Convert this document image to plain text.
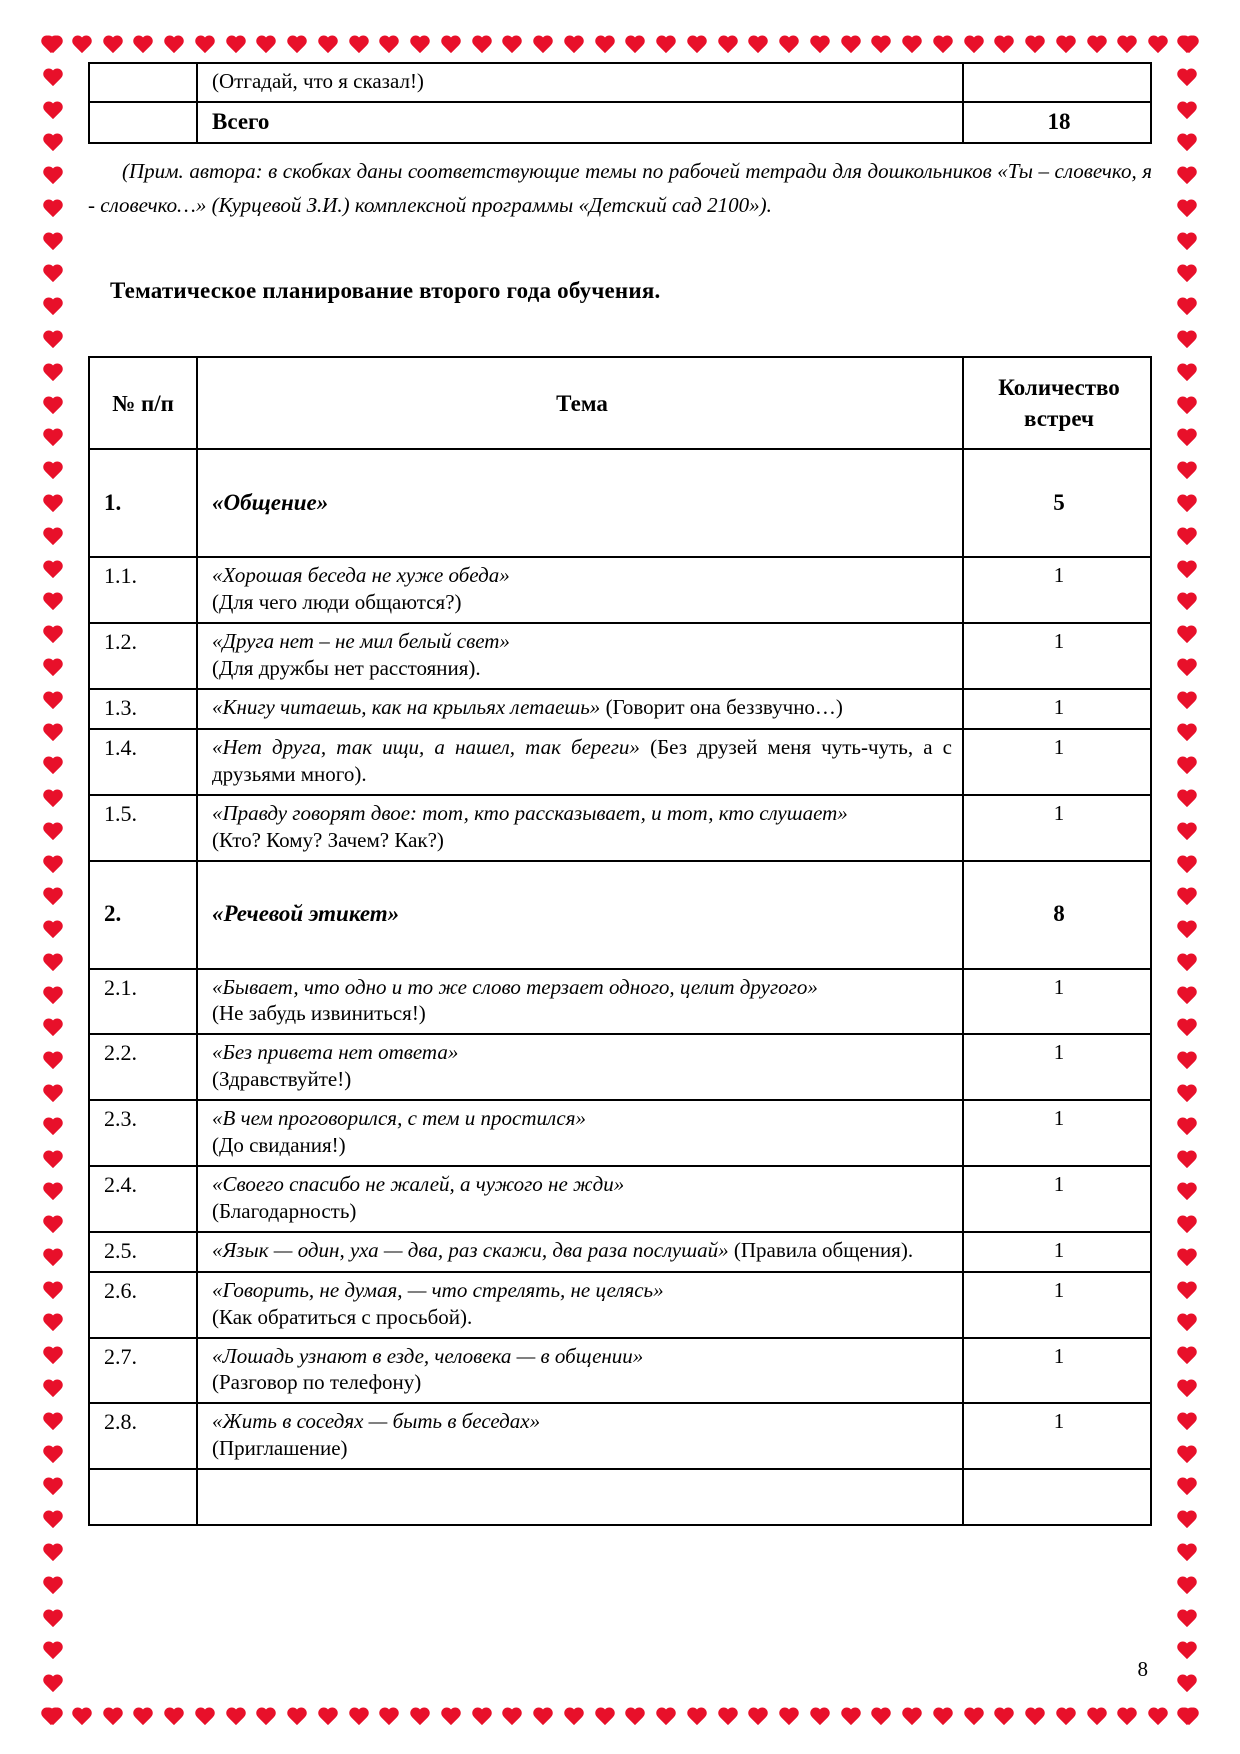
	(Отгадай, что я сказал!)	
	Всего	18

(Прим. автора: в скобках даны соответствующие темы по рабочей тетради для дошкольников «Ты – словечко, я - словечко…» (Курцевой З.И.) комплексной программы «Детский сад 2100»).

Тематическое планирование второго года обучения.
№ п/п	Тема	Количество
встреч
1.	«Общение»	5
1.1.	«Хорошая беседа не хуже обеда»
(Для чего люди общаются?)	1
1.2.	«Друга нет – не мил белый свет»
(Для дружбы нет расстояния).	1
1.3.	«Книгу читаешь, как на крыльях летаешь» (Говорит она беззвучно…)	1
1.4.	«Нет друга, так ищи, а нашел, так береги» (Без друзей меня чуть-чуть, а с друзьями много).	1
1.5.	«Правду говорят двое: тот, кто рассказывает, и тот, кто слушает»
(Кто? Кому? Зачем? Как?)	1
2.	«Речевой этикет»	8
2.1.	«Бывает, что одно и то же слово терзает одного, целит другого»
(Не забудь извиниться!)	1
2.2.	«Без привета нет ответа»
(Здравствуйте!)	1
2.3.	«В чем проговорился, с тем и простился»
(До свидания!)	1
2.4.	«Своего спасибо не жалей, а чужого не жди»
(Благодарность)	1
2.5.	«Язык — один, уха — два, раз скажи, два раза послушай» (Правила общения).	1
2.6.	«Говорить, не думая, — что стрелять, не целясь»
(Как обратиться с просьбой).	1
2.7.	«Лошадь узнают в езде, человека — в общении»
(Разговор по телефону)	1
2.8.	«Жить в соседях — быть в беседах»
(Приглашение)	1

8
